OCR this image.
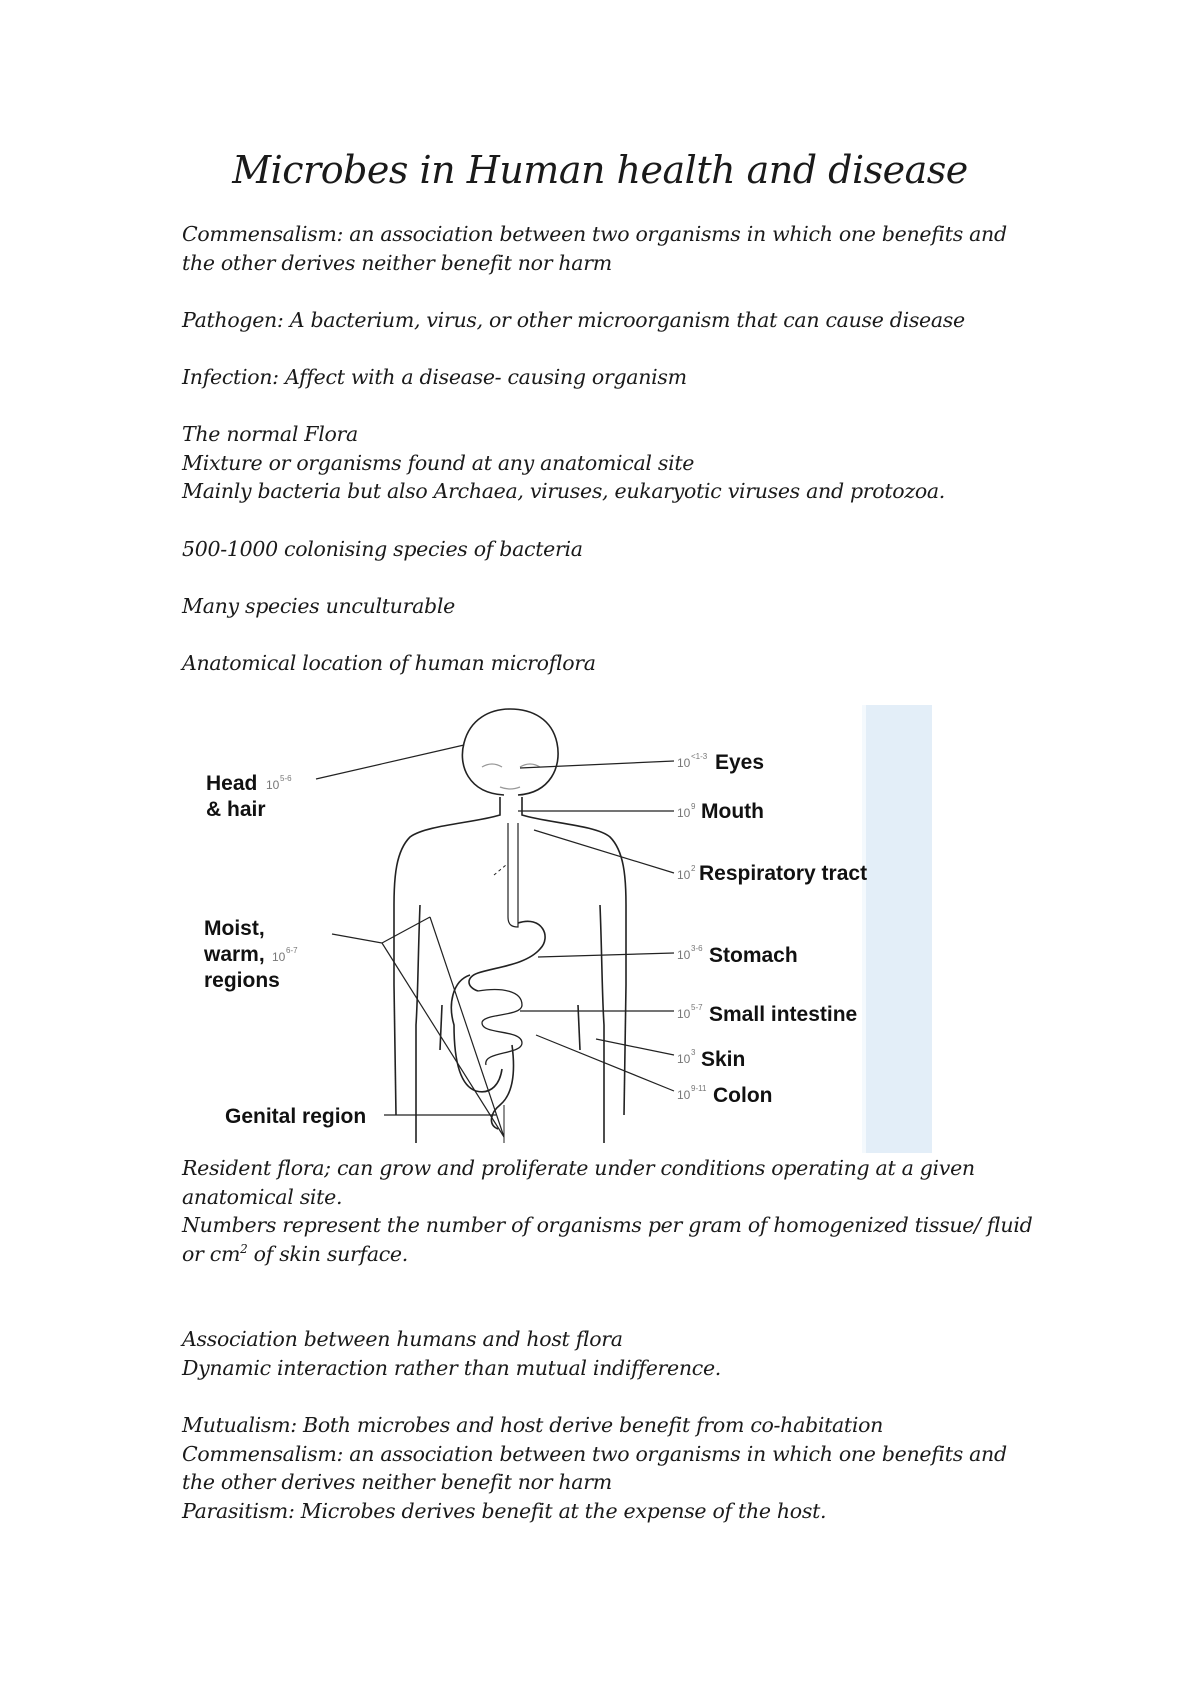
Microbes in Human health and disease
Commensalism: an association between two organisms in which one benefits and
the other derives neither benefit nor harm
Pathogen: A bacterium, virus, or other microorganism that can cause disease
Infection: Affect with a disease- causing organism
The normal Flora
Mixture or organisms found at any anatomical site
Mainly bacteria but also Archaea, viruses, eukaryotic viruses and protozoa.
500-1000 colonising species of bacteria
Many species unculturable
Anatomical location of human microflora
Head
& hair
10 5-6
Moist,
warm,
regions
10 6-7
Genital region
10 <1-3 Eyes
10 9 Mouth
10 2 Respiratory tract
10 3-6 Stomach
10 5-7 Small intestine
10 3 Skin
10 9-11 Colon
Resident flora; can grow and proliferate under conditions operating at a given
anatomical site.
Numbers represent the number of organisms per gram of homogenized tissue/ fluid
or $cm^2$ of skin surface.
Association between humans and host flora
Dynamic interaction rather than mutual indifference.
Mutualism: Both microbes and host derive benefit from co-habitation
Commensalism: an association between two organisms in which one benefits and
the other derives neither benefit nor harm
Parasitism: Microbes derives benefit at the expense of the host.
